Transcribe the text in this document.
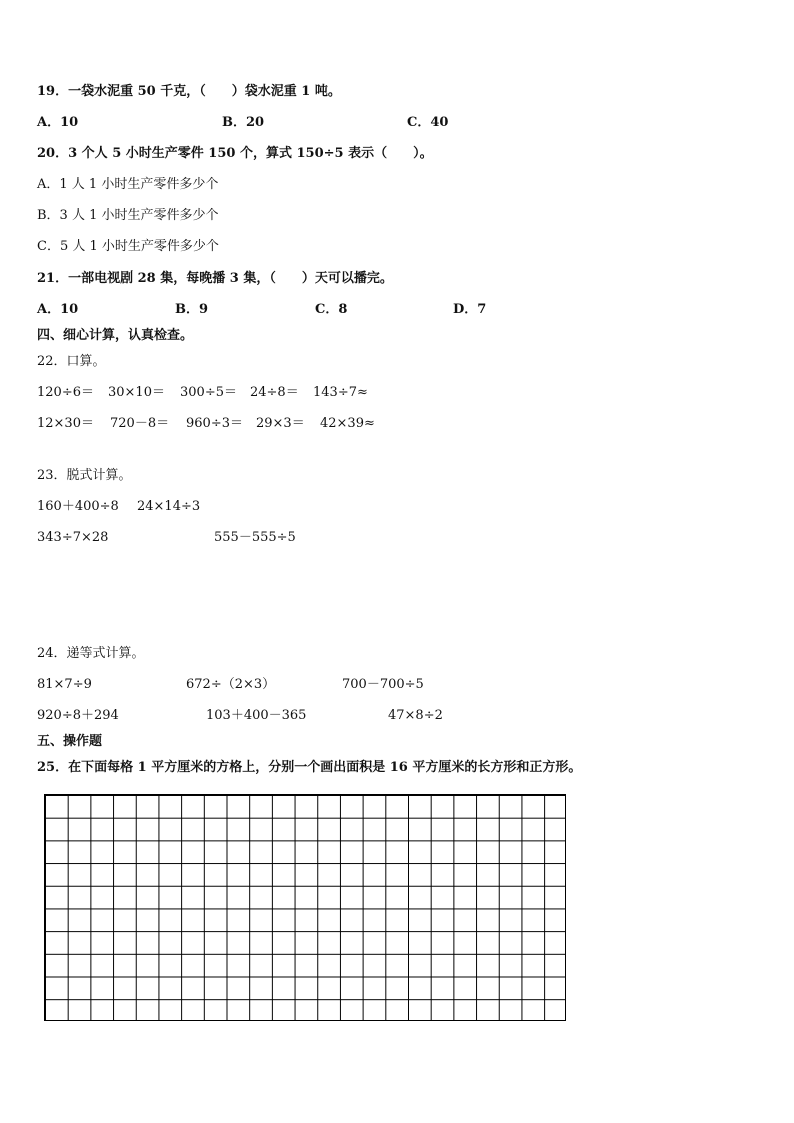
19．一袋水泥重 50 千克，（　　）袋水泥重 1 吨。
A．10	B．20	C．40
20．3 个人 5 小时生产零件 150 个，算式 150÷5 表示（　　）。
A．1 人 1 小时生产零件多少个
B．3 人 1 小时生产零件多少个
C．5 人 1 小时生产零件多少个
21．一部电视剧 28 集，每晚播 3 集，（　　）天可以播完。
A．10	B．9	C．8	D．7
四、细心计算，认真检查。
22．口算。
120÷6＝ 30×10＝ 300÷5＝ 24÷8＝ 143÷7≈
12×30＝ 720－8＝ 960÷3＝ 29×3＝ 42×39≈
23．脱式计算。
160＋400÷8 24×14÷3
343÷7×28	555－555÷5
24．递等式计算。
81×7÷9	672÷（2×3）	700－700÷5
920÷8＋294	103＋400－365	47×8÷2
五、操作题
25．在下面每格 1 平方厘米的方格上，分别一个画出面积是 16 平方厘米的长方形和正方形。
